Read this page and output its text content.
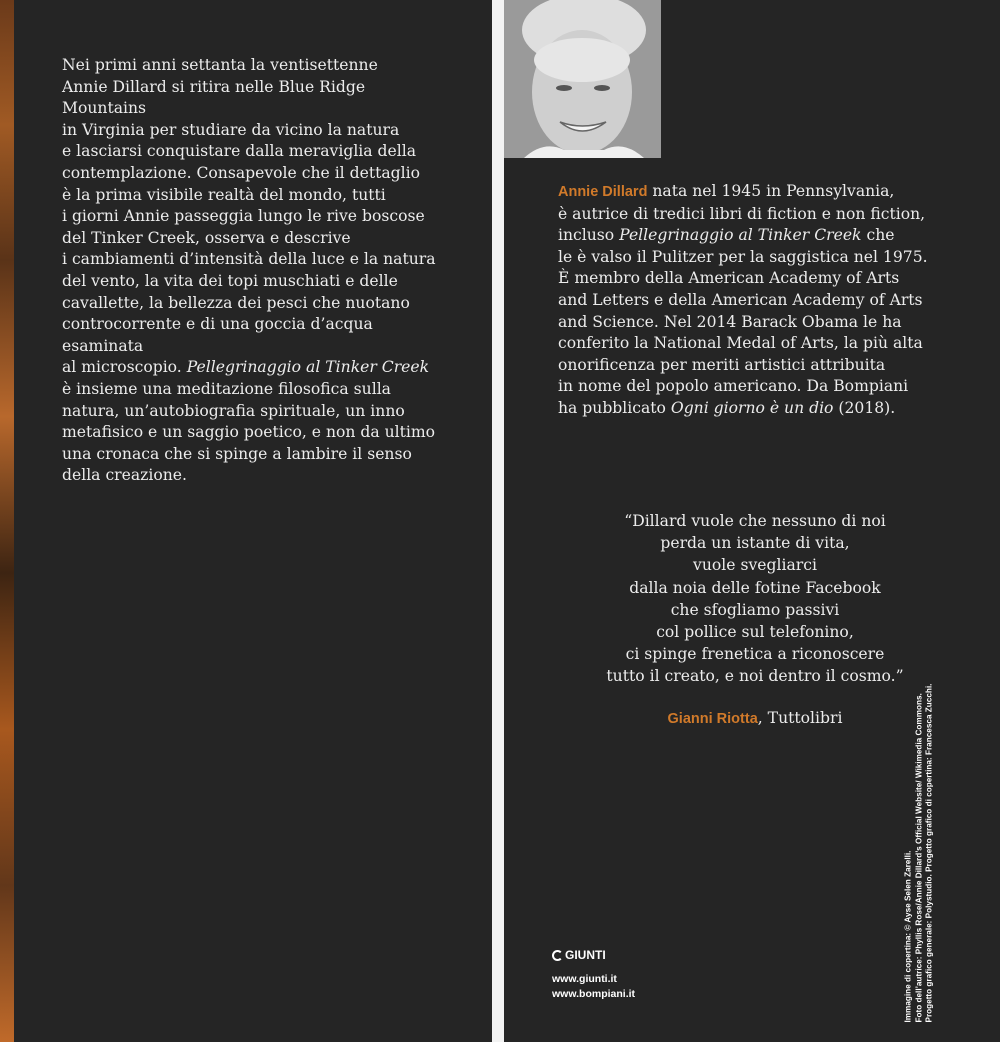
Nei primi anni settanta la ventisettenne

Annie Dillard si ritira nelle Blue Ridge Mountains

in Virginia per studiare da vicino la natura

e lasciarsi conquistare dalla meraviglia della

contemplazione. Consapevole che il dettaglio

è la prima visibile realtà del mondo, tutti

i giorni Annie passeggia lungo le rive boscose

del Tinker Creek, osserva e descrive

i cambiamenti d’intensità della luce e la natura

del vento, la vita dei topi muschiati e delle

cavallette, la bellezza dei pesci che nuotano

controcorrente e di una goccia d’acqua esaminata

al microscopio. Pellegrinaggio al Tinker Creek

è insieme una meditazione filosofica sulla

natura, un’autobiografia spirituale, un inno

metafisico e un saggio poetico, e non da ultimo

una cronaca che si spinge a lambire il senso

della creazione.

Annie Dillard nata nel 1945 in Pennsylvania,

è autrice di tredici libri di fiction e non fiction,

incluso Pellegrinaggio al Tinker Creek che

le è valso il Pulitzer per la saggistica nel 1975.

È membro della American Academy of Arts

and Letters e della American Academy of Arts

and Science. Nel 2014 Barack Obama le ha

conferito la National Medal of Arts, la più alta

onorificenza per meriti artistici attribuita

in nome del popolo americano. Da Bompiani

ha pubblicato Ogni giorno è un dio (2018).

“Dillard vuole che nessuno di noi

perda un istante di vita,

vuole svegliarci

dalla noia delle fotine Facebook

che sfogliamo passivi

col pollice sul telefonino,

ci spinge frenetica a riconoscere

tutto il creato, e noi dentro il cosmo.”

Gianni Riotta, Tuttolibri
GIUNTI
www.giunti.it
www.bompiani.it	Immagine di copertina: © Ayse Selen Zarelli. Foto dell’autrice: Phyllis Rose/Annie Dillard’s Official Website/ Wikimedia Commons. Progetto grafico generale: Polystudio. Progetto grafico di copertina: Francesca Zucchi.
